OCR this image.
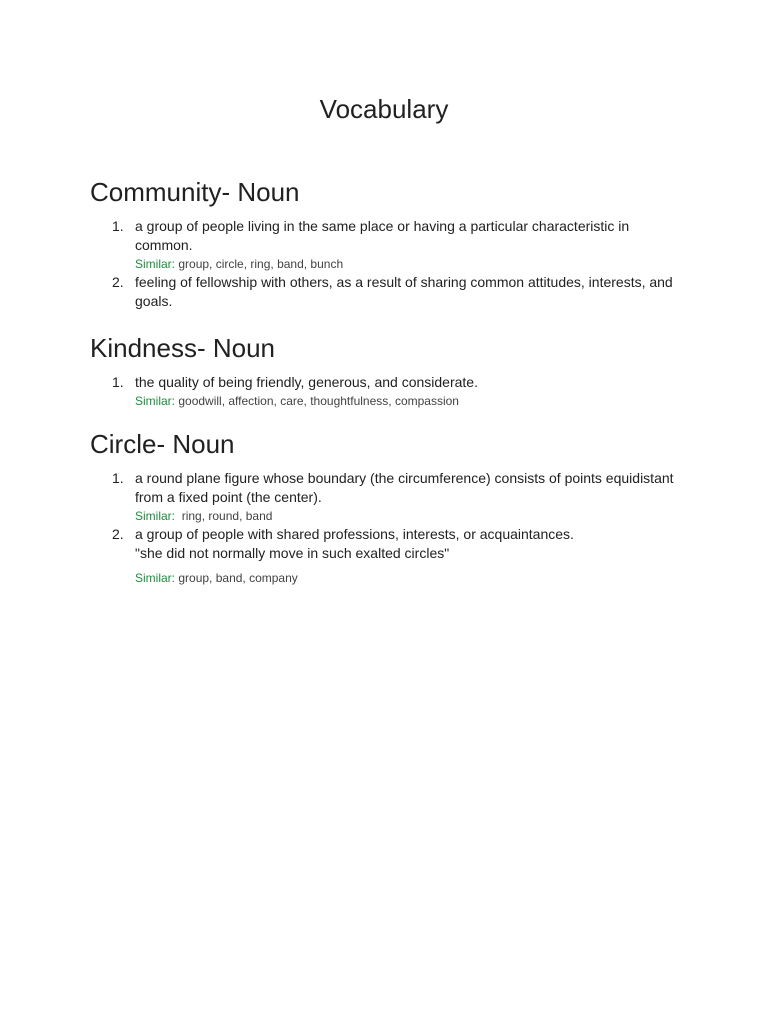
Vocabulary
Community- Noun
1. a group of people living in the same place or having a particular characteristic in common.
Similar: group, circle, ring, band, bunch
2. feeling of fellowship with others, as a result of sharing common attitudes, interests, and goals.
Kindness- Noun
1. the quality of being friendly, generous, and considerate.
Similar: goodwill, affection, care, thoughtfulness, compassion
Circle- Noun
1. a round plane figure whose boundary (the circumference) consists of points equidistant from a fixed point (the center).
Similar:  ring, round, band
2. a group of people with shared professions, interests, or acquaintances.
"she did not normally move in such exalted circles"
Similar: group, band, company
